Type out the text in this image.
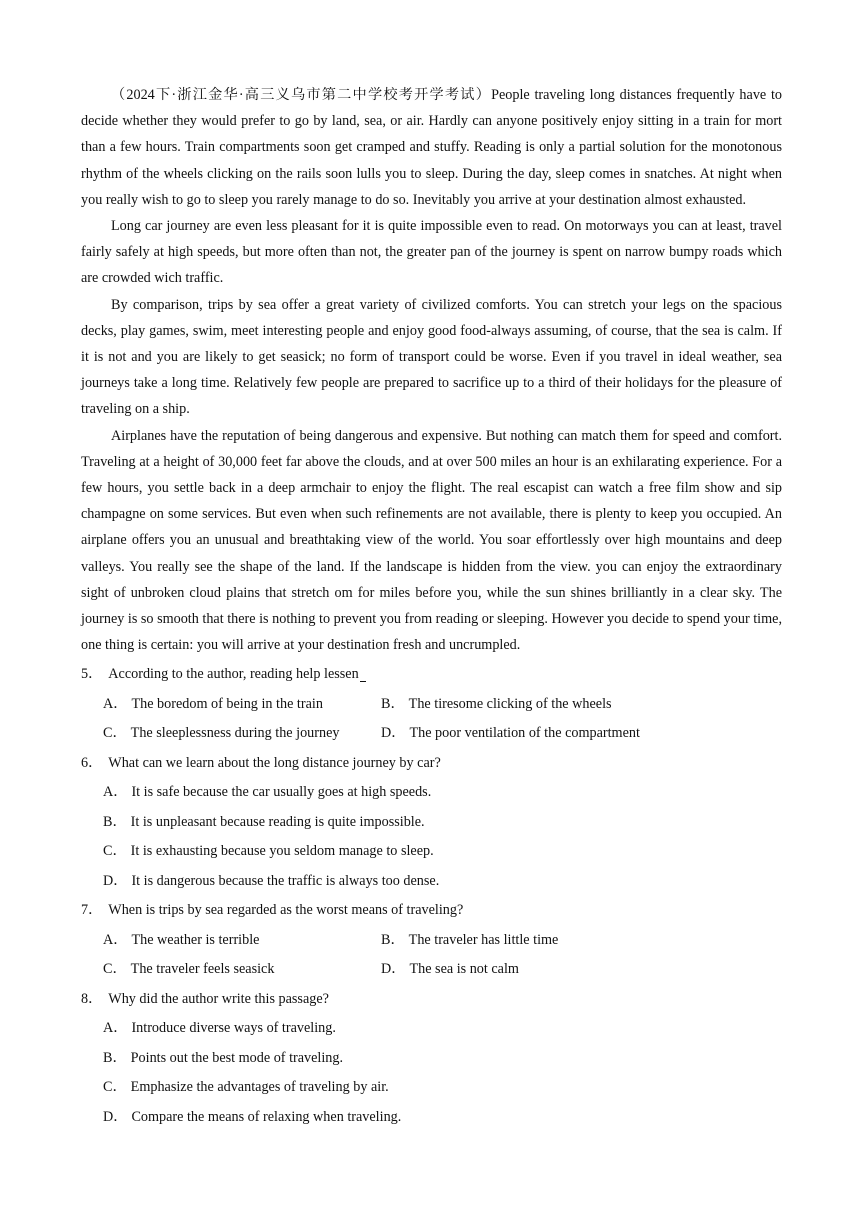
（2024下·浙江金华·高三义乌市第二中学校考开学考试）People traveling long distances frequently have to decide whether they would prefer to go by land, sea, or air. Hardly can anyone positively enjoy sitting in a train for mort than a few hours. Train compartments soon get cramped and stuffy. Reading is only a partial solution for the monotonous rhythm of the wheels clicking on the rails soon lulls you to sleep. During the day, sleep comes in snatches. At night when you really wish to go to sleep you rarely manage to do so. Inevitably you arrive at your destination almost exhausted.

Long car journey are even less pleasant for it is quite impossible even to read. On motorways you can at least, travel fairly safely at high speeds, but more often than not, the greater pan of the journey is spent on narrow bumpy roads which are crowded wich traffic.

By comparison, trips by sea offer a great variety of civilized comforts. You can stretch your legs on the spacious decks, play games, swim, meet interesting people and enjoy good food-always assuming, of course, that the sea is calm. If it is not and you are likely to get seasick; no form of transport could be worse. Even if you travel in ideal weather, sea journeys take a long time. Relatively few people are prepared to sacrifice up to a third of their holidays for the pleasure of traveling on a ship.

Airplanes have the reputation of being dangerous and expensive. But nothing can match them for speed and comfort. Traveling at a height of 30,000 feet far above the clouds, and at over 500 miles an hour is an exhilarating experience. For a few hours, you settle back in a deep armchair to enjoy the flight. The real escapist can watch a free film show and sip champagne on some services. But even when such refinements are not available, there is plenty to keep you occupied. An airplane offers you an unusual and breathtaking view of the world. You soar effortlessly over high mountains and deep valleys. You really see the shape of the land. If the landscape is hidden from the view. you can enjoy the extraordinary sight of unbroken cloud plains that stretch om for miles before you, while the sun shines brilliantly in a clear sky. The journey is so smooth that there is nothing to prevent you from reading or sleeping. However you decide to spend your time, one thing is certain: you will arrive at your destination fresh and uncrumpled.

5． According to the author, reading help lessen
A． The boredom of being in the train	B． The tiresome clicking of the wheels
C． The sleeplessness during the journey	D． The poor ventilation of the compartment
6． What can we learn about the long distance journey by car?
A． It is safe because the car usually goes at high speeds.
B． It is unpleasant because reading is quite impossible.
C． It is exhausting because you seldom manage to sleep.
D． It is dangerous because the traffic is always too dense.
7． When is trips by sea regarded as the worst means of traveling?
A． The weather is terrible	B． The traveler has little time
C． The traveler feels seasick	D． The sea is not calm
8． Why did the author write this passage?
A． Introduce diverse ways of traveling.
B． Points out the best mode of traveling.
C． Emphasize the advantages of traveling by air.
D． Compare the means of relaxing when traveling.
